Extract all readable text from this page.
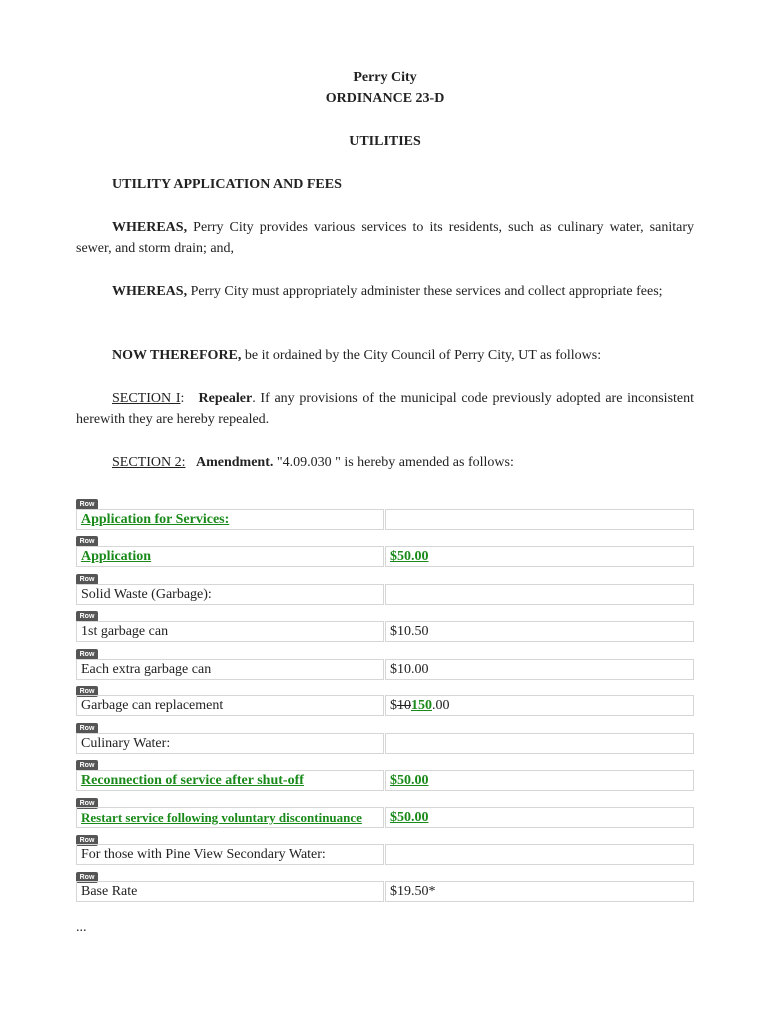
Perry City
ORDINANCE 23-D
UTILITIES
UTILITY APPLICATION AND FEES
WHEREAS, Perry City provides various services to its residents, such as culinary water, sanitary sewer, and storm drain; and,
WHEREAS, Perry City must appropriately administer these services and collect appropriate fees;
NOW THEREFORE, be it ordained by the City Council of Perry City, UT as follows:
SECTION I: Repealer. If any provisions of the municipal code previously adopted are inconsistent herewith they are hereby repealed.
SECTION 2: Amendment. "4.09.030 " is hereby amended as follows:
Row
Application for Services:
Row
Application	$50.00
Row
Solid Waste (Garbage):
Row
1st garbage can	$10.50
Row
Each extra garbage can	$10.00
Row
Garbage can replacement	$10150.00
Row
Culinary Water:
Row
Reconnection of service after shut-off	$50.00
Row
Restart service following voluntary discontinuance	$50.00
Row
For those with Pine View Secondary Water:
Row
Base Rate	$19.50*
...
